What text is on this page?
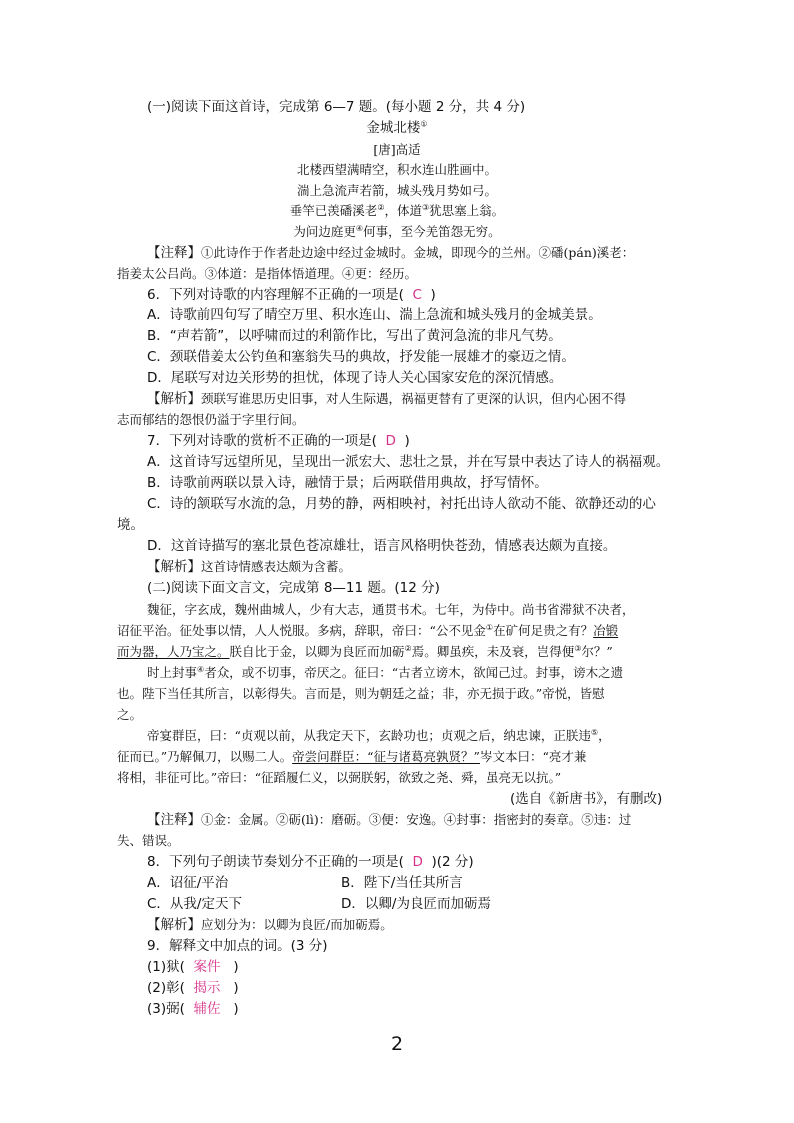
(一)阅读下面这首诗，完成第 6—7 题。(每小题 2 分，共 4 分)
金城北楼①
[唐]高适
北楼西望满晴空，积水连山胜画中。
湍上急流声若箭，城头残月势如弓。
垂竿已羡磻溪老②，体道③犹思塞上翁。
为问边庭更④何事，至今羌笛怨无穷。
【注释】①此诗作于作者赴边途中经过金城时。金城，即现今的兰州。②磻(pán)溪老：
指姜太公吕尚。③体道：是指体悟道理。④更：经历。
6．下列对诗歌的内容理解不正确的一项是( C )
A．诗歌前四句写了晴空万里、积水连山、湍上急流和城头残月的金城美景。
B．“声若箭”，以呼啸而过的利箭作比，写出了黄河急流的非凡气势。
C．颈联借姜太公钓鱼和塞翁失马的典故，抒发能一展雄才的豪迈之情。
D．尾联写对边关形势的担忧，体现了诗人关心国家安危的深沉情感。
【解析】颈联写谁思历史旧事，对人生际遇，祸福更替有了更深的认识，但内心困不得
志而郁结的怨恨仍溢于字里行间。
7．下列对诗歌的赏析不正确的一项是( D )
A．这首诗写远望所见，呈现出一派宏大、悲壮之景，并在写景中表达了诗人的祸福观。
B．诗歌前两联以景入诗，融情于景；后两联借用典故，抒写情怀。
C．诗的颔联写水流的急，月势的静，两相映衬，衬托出诗人欲动不能、欲静还动的心
境。
D．这首诗描写的塞北景色苍凉雄壮，语言风格明快苍劲，情感表达颇为直接。
【解析】这首诗情感表达颇为含蓄。
(二)阅读下面文言文，完成第 8—11 题。(12 分)
魏征，字玄成，魏州曲城人，少有大志，通贯书术。七年，为侍中。尚书省滞狱不决者，
诏征平治。征处事以情，人人悦服。多病，辞职，帝曰：“公不见金①在矿何足贵之有？冶锻
而为器，人乃宝之。朕自比于金，以卿为良匠而加砺②焉。卿虽疾，未及衰，岂得便③尔？”
时上封事④者众，或不切事，帝厌之。征曰：“古者立谤木，欲闻己过。封事，谤木之遗
也。陛下当任其所言，以彰得失。言而是，则为朝廷之益；非，亦无损于政。”帝悦，皆慰
之。
帝宴群臣，曰：“贞观以前，从我定天下，玄龄功也；贞观之后，纳忠谏，正朕违⑤，
征而已。”乃解佩刀，以赐二人。帝尝问群臣：“征与诸葛亮孰贤？”岑文本曰：“亮才兼
将相，非征可比。”帝曰：“征蹈履仁义，以弼朕躬，欲致之尧、舜，虽亮无以抗。”
(选自《新唐书》，有删改)
【注释】①金：金属。②砺(lì)：磨砺。③便：安逸。④封事：指密封的奏章。⑤违：过
失、错误。
8．下列句子朗读节奏划分不正确的一项是( D )(2 分)
A．诏征/平治	B．陛下/当任其所言
C．从我/定天下	D．以卿/为良匠而加砺焉
【解析】应划分为：以卿为良匠/而加砺焉。
9．解释文中加点的词。(3 分)
(1)狱( 案件 )
(2)彰( 揭示 )
(3)弼( 辅佐 )
2
